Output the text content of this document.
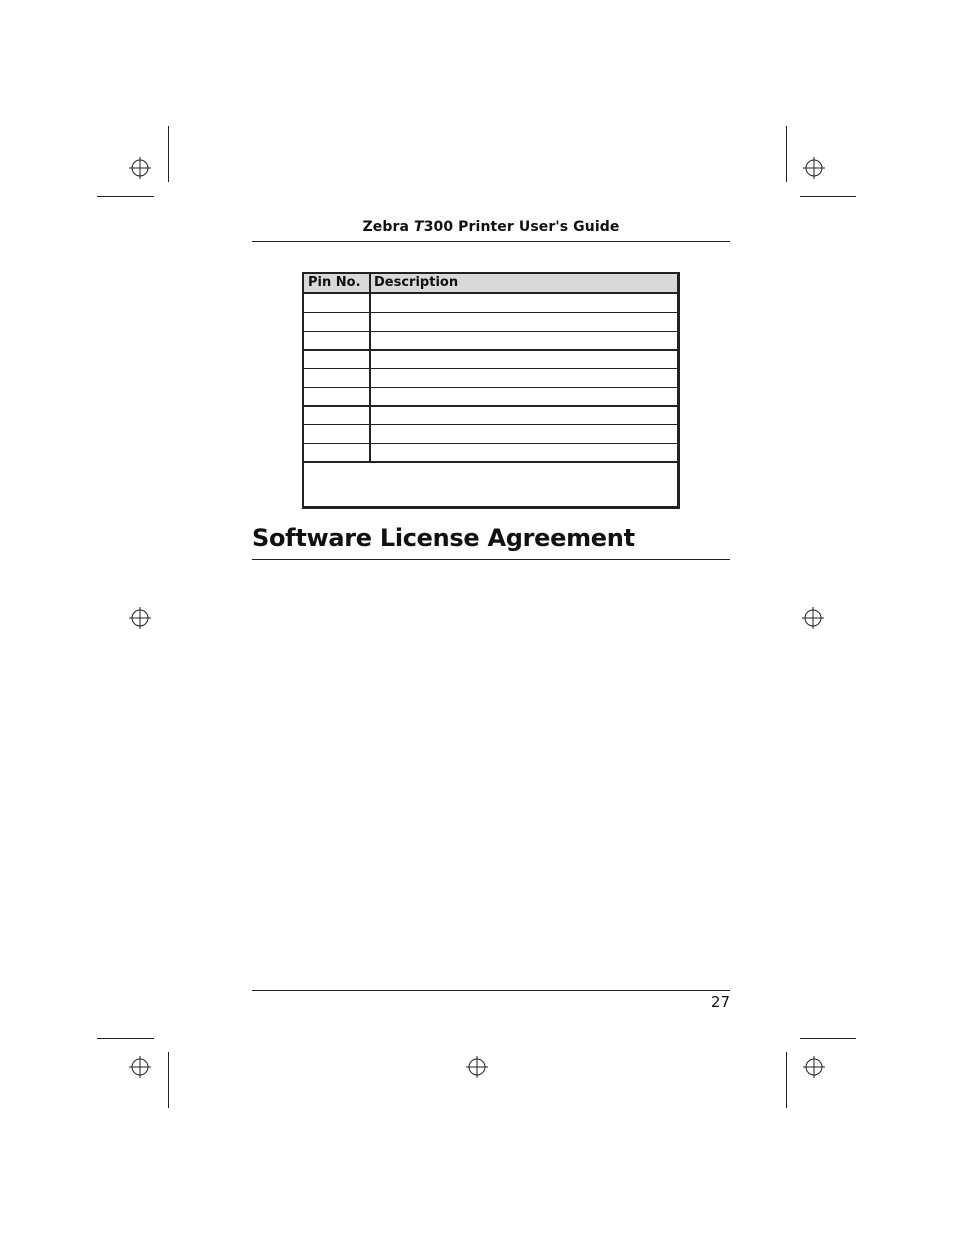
Zebra T300 Printer User's Guide
Pin No. Description
Software License Agreement
27
